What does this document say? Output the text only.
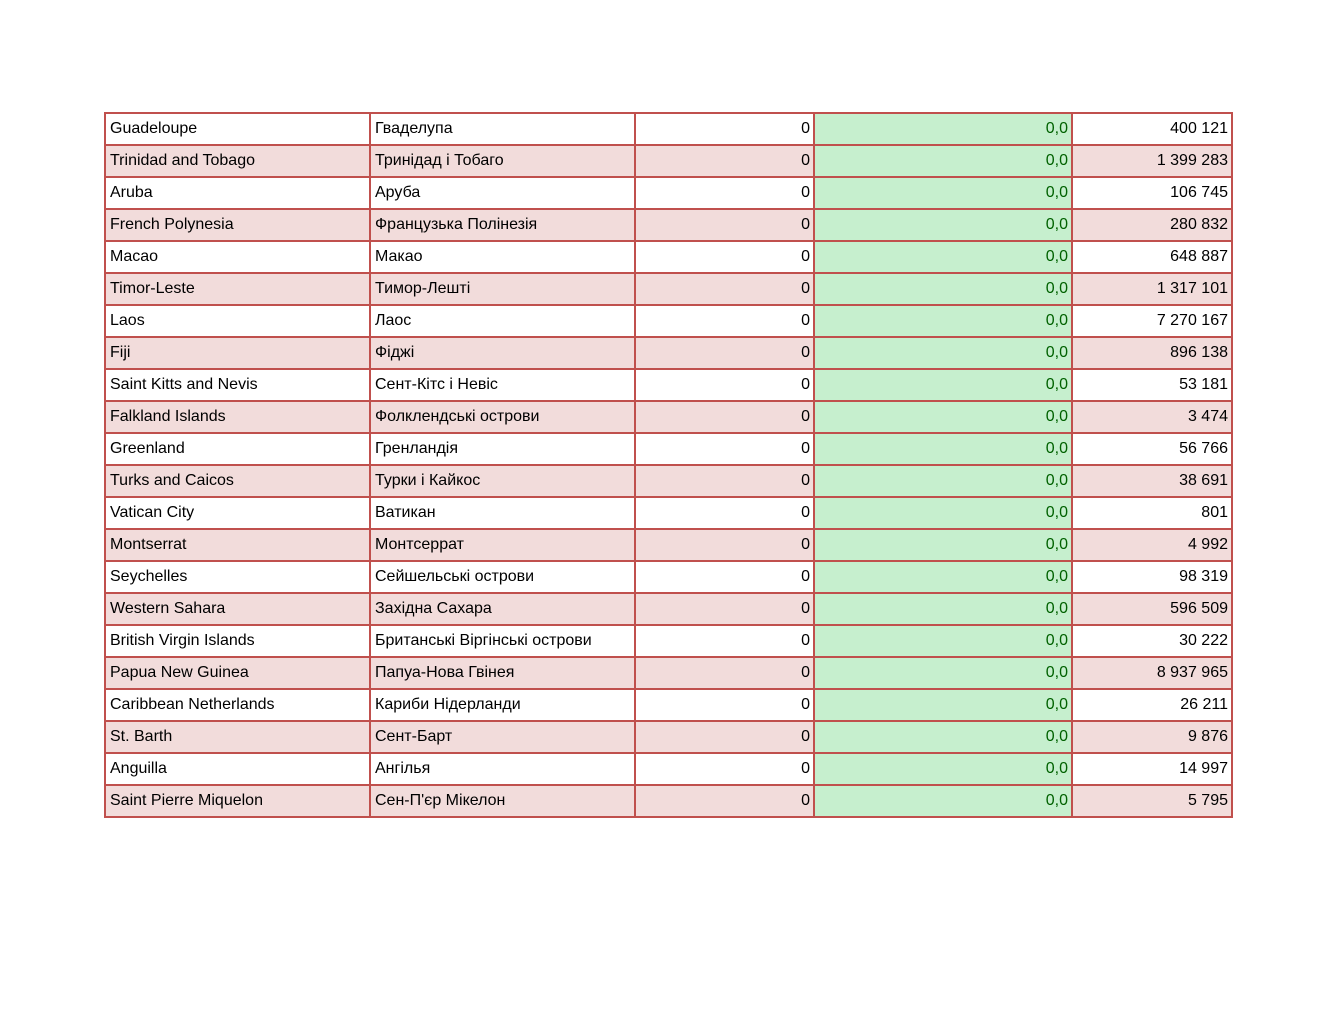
Guadeloupe	Гваделупа	0	0,0	400 121
Trinidad and Tobago	Тринідад і Тобаго	0	0,0	1 399 283
Aruba	Аруба	0	0,0	106 745
French Polynesia	Французька Полінезія	0	0,0	280 832
Macao	Макао	0	0,0	648 887
Timor-Leste	Тимор-Лешті	0	0,0	1 317 101
Laos	Лаос	0	0,0	7 270 167
Fiji	Фіджі	0	0,0	896 138
Saint Kitts and Nevis	Сент-Кітс і Невіс	0	0,0	53 181
Falkland Islands	Фолклендські острови	0	0,0	3 474
Greenland	Гренландія	0	0,0	56 766
Turks and Caicos	Турки і Кайкос	0	0,0	38 691
Vatican City	Ватикан	0	0,0	801
Montserrat	Монтсеррат	0	0,0	4 992
Seychelles	Сейшельські острови	0	0,0	98 319
Western Sahara	Західна Сахара	0	0,0	596 509
British Virgin Islands	Британські Віргінські острови	0	0,0	30 222
Papua New Guinea	Папуа-Нова Гвінея	0	0,0	8 937 965
Caribbean Netherlands	Кариби Нідерланди	0	0,0	26 211
St. Barth	Сент-Барт	0	0,0	9 876
Anguilla	Ангілья	0	0,0	14 997
Saint Pierre Miquelon	Сен-П'єр Мікелон	0	0,0	5 795
